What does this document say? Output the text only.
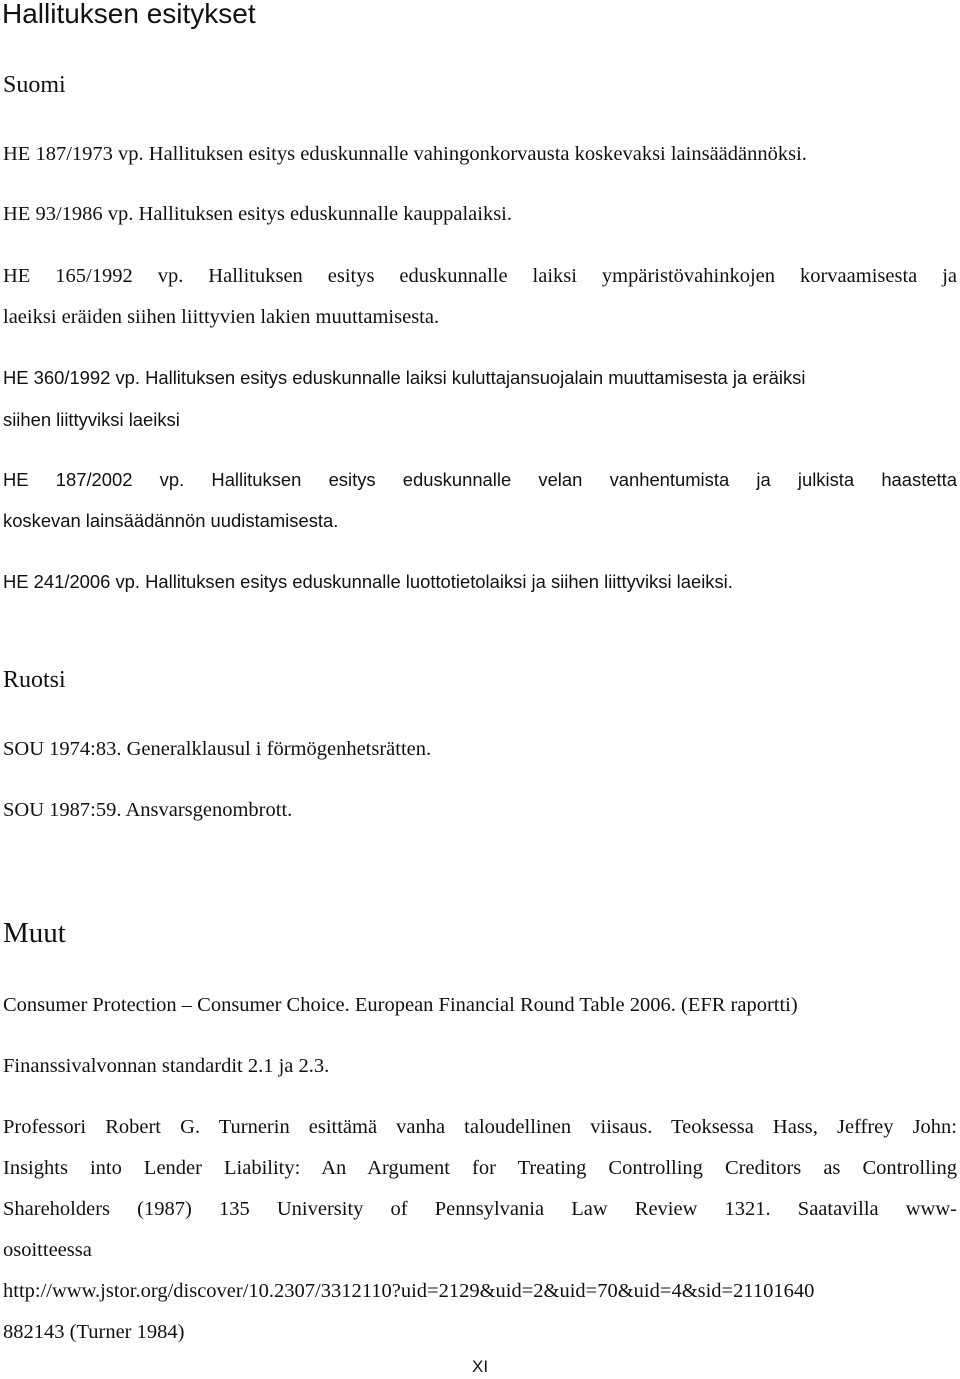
Hallituksen esitykset
Suomi

HE 187/1973 vp. Hallituksen esitys eduskunnalle vahingonkorvausta koskevaksi lainsäädännöksi.

HE 93/1986 vp. Hallituksen esitys eduskunnalle kauppalaiksi.

HE 165/1992 vp. Hallituksen esitys eduskunnalle laiksi ympäristövahinkojen korvaamisesta ja

laeiksi eräiden siihen liittyvien lakien muuttamisesta.

HE 360/1992 vp. Hallituksen esitys eduskunnalle laiksi kuluttajansuojalain muuttamisesta ja eräiksi

siihen liittyviksi laeiksi

HE 187/2002 vp. Hallituksen esitys eduskunnalle velan vanhentumista ja julkista haastetta

koskevan lainsäädännön uudistamisesta.

HE 241/2006 vp. Hallituksen esitys eduskunnalle luottotietolaiksi ja siihen liittyviksi laeiksi.

Ruotsi

SOU 1974:83. Generalklausul i förmögenhetsrätten.

SOU 1987:59. Ansvarsgenombrott.

Muut

Consumer Protection – Consumer Choice. European Financial Round Table 2006. (EFR raportti)

Finanssivalvonnan standardit 2.1 ja 2.3.

Professori Robert G. Turnerin esittämä vanha taloudellinen viisaus. Teoksessa Hass, Jeffrey John:

Insights into Lender Liability: An Argument for Treating Controlling Creditors as Controlling

Shareholders (1987) 135 University of Pennsylvania Law Review 1321. Saatavilla www-

osoitteessa

http://www.jstor.org/discover/10.2307/3312110?uid=2129&uid=2&uid=70&uid=4&sid=21101640

882143 (Turner 1984)

XI
